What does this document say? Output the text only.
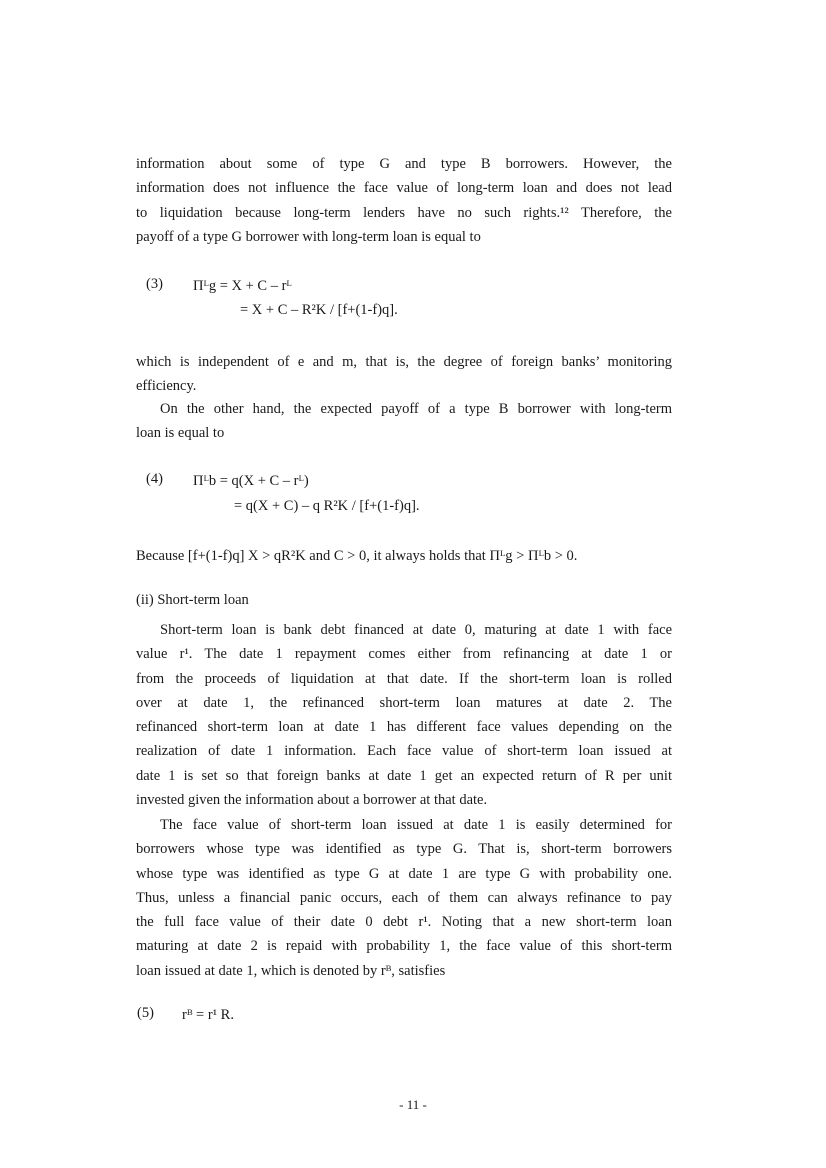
information about some of type G and type B borrowers. However, the
information does not influence the face value of long-term loan and does not lead
to liquidation because long-term lenders have no such rights.¹² Therefore, the
payoff of a type G borrower with long-term loan is equal to
(3) Πᴸg = X + C – rᴸ
= X + C – R²K / [f+(1-f)q].
which is independent of e and m, that is, the degree of foreign banks’ monitoring
efficiency.
On the other hand, the expected payoff of a type B borrower with long-term
loan is equal to
(4) Πᴸb = q(X + C – rᴸ)
= q(X + C) – q R²K / [f+(1-f)q].
Because [f+(1-f)q] X > qR²K and C > 0, it always holds that Πᴸg > Πᴸb > 0.
(ii) Short-term loan
Short-term loan is bank debt financed at date 0, maturing at date 1 with face
value r¹. The date 1 repayment comes either from refinancing at date 1 or
from the proceeds of liquidation at that date. If the short-term loan is rolled
over at date 1, the refinanced short-term loan matures at date 2. The
refinanced short-term loan at date 1 has different face values depending on the
realization of date 1 information. Each face value of short-term loan issued at
date 1 is set so that foreign banks at date 1 get an expected return of R per unit
invested given the information about a borrower at that date.
The face value of short-term loan issued at date 1 is easily determined for
borrowers whose type was identified as type G. That is, short-term borrowers
whose type was identified as type G at date 1 are type G with probability one.
Thus, unless a financial panic occurs, each of them can always refinance to pay
the full face value of their date 0 debt r¹. Noting that a new short-term loan
maturing at date 2 is repaid with probability 1, the face value of this short-term
loan issued at date 1, which is denoted by rᴮ, satisfies
(5) rᴮ = r¹ R.
- 11 -
